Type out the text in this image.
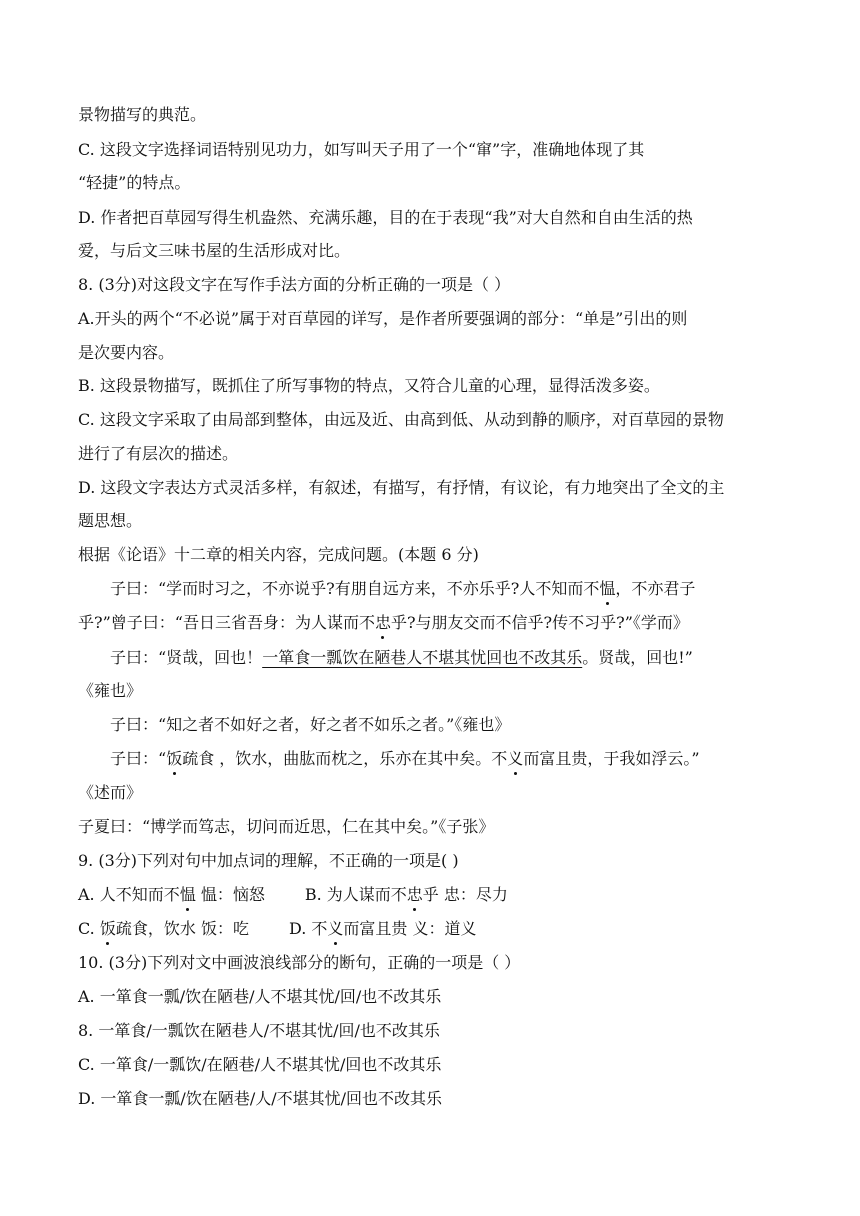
景物描写的典范。
C. 这段文字选择词语特别见功力，如写叫天子用了一个“窜”字，准确地体现了其
“轻捷”的特点。
D. 作者把百草园写得生机盎然、充满乐趣，目的在于表现“我”对大自然和自由生活的热
爱，与后文三味书屋的生活形成对比。
8. (3分)对这段文字在写作手法方面的分析正确的一项是（ ）
A.开头的两个“不必说”属于对百草园的详写，是作者所要强调的部分：“单是”引出的则
是次要内容。
B. 这段景物描写，既抓住了所写事物的特点，又符合儿童的心理，显得活泼多姿。
C. 这段文字采取了由局部到整体，由远及近、由高到低、从动到静的顺序，对百草园的景物
进行了有层次的描述。
D. 这段文字表达方式灵活多样，有叙述，有描写，有抒情，有议论，有力地突出了全文的主
题思想。
根据《论语》十二章的相关内容，完成问题。(本题 6 分)
子曰：“学而时习之，不亦说乎?有朋自远方来，不亦乐乎?人不知而不愠，不亦君子
乎?”曾子曰：“吾日三省吾身：为人谋而不忠乎?与朋友交而不信乎?传不习乎?”《学而》
子曰：“贤哉，回也！一箪食一瓢饮在陋巷人不堪其忧回也不改其乐。贤哉，回也!”
《雍也》
子曰：“知之者不如好之者，好之者不如乐之者。”《雍也》
子曰：“饭疏食 ，饮水，曲肱而枕之，乐亦在其中矣。不义而富且贵，于我如浮云。”
《述而》
子夏曰：“博学而笃志，切问而近思，仁在其中矣。”《子张》
9. (3分)下列对句中加点词的理解，不正确的一项是( )
A. 人不知而不愠 愠：恼怒	B. 为人谋而不忠乎 忠：尽力
C. 饭疏食，饮水 饭：吃	D. 不义而富且贵 义：道义
10. (3分)下列对文中画波浪线部分的断句，正确的一项是（ ）
A. 一箪食一瓢/饮在陋巷/人不堪其忧/回/也不改其乐
8. 一箪食/一瓢饮在陋巷人/不堪其忧/回/也不改其乐
C. 一箪食/一瓢饮/在陋巷/人不堪其忧/回也不改其乐
D. 一箪食一瓢/饮在陋巷/人/不堪其忧/回也不改其乐
